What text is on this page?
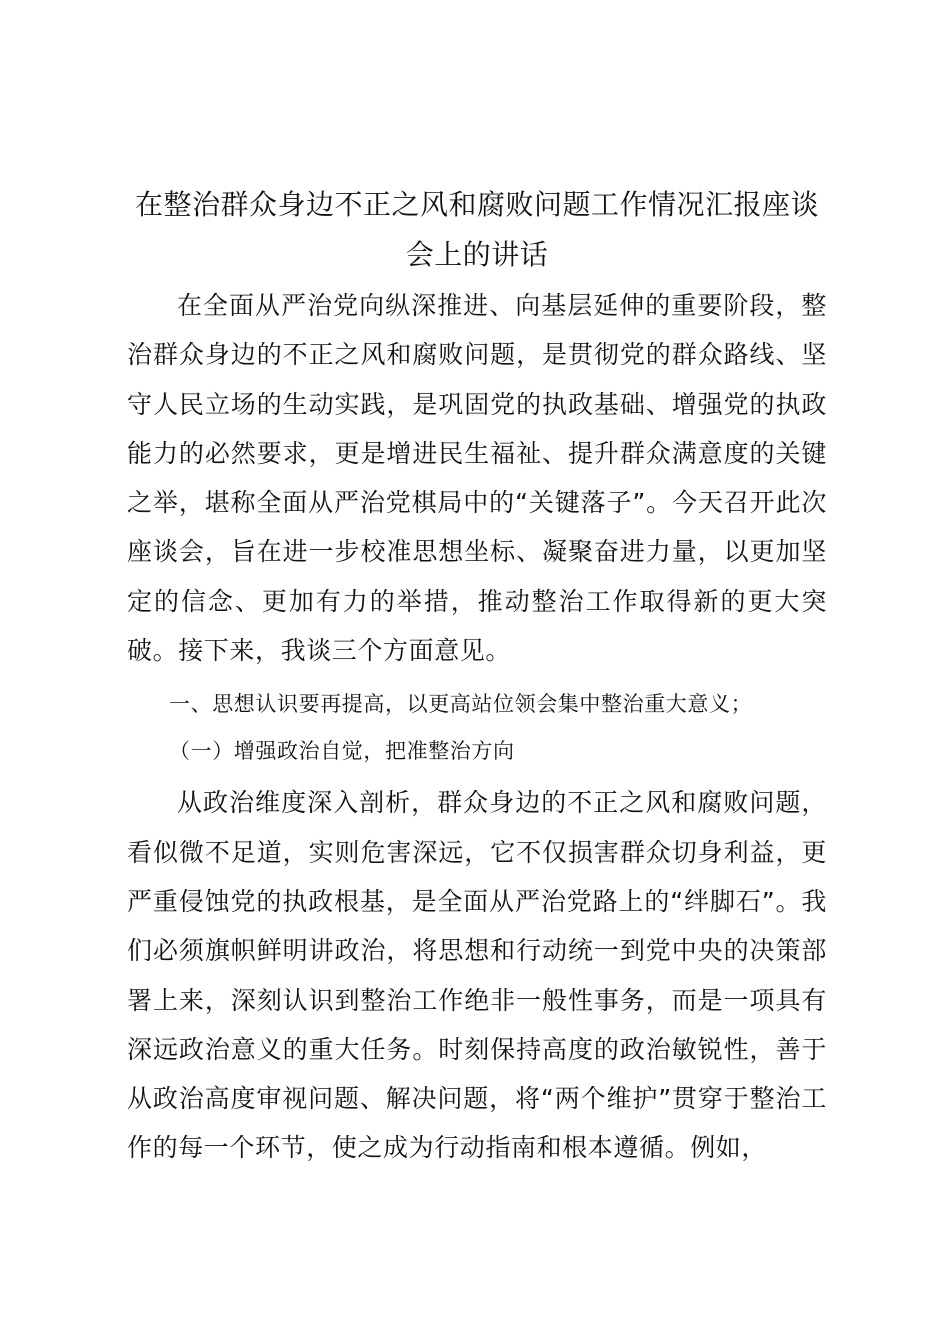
在整治群众身边不正之风和腐败问题工作情况汇报座谈会上的讲话

在全面从严治党向纵深推进、向基层延伸的重要阶段，整治群众身边的不正之风和腐败问题，是贯彻党的群众路线、坚守人民立场的生动实践，是巩固党的执政基础、增强党的执政能力的必然要求，更是增进民生福祉、提升群众满意度的关键之举，堪称全面从严治党棋局中的“关键落子”。今天召开此次座谈会，旨在进一步校准思想坐标、凝聚奋进力量，以更加坚定的信念、更加有力的举措，推动整治工作取得新的更大突破。接下来，我谈三个方面意见。

一、思想认识要再提高，以更高站位领会集中整治重大意义；

（一）增强政治自觉，把准整治方向

从政治维度深入剖析，群众身边的不正之风和腐败问题，看似微不足道，实则危害深远，它不仅损害群众切身利益，更严重侵蚀党的执政根基，是全面从严治党路上的“绊脚石”。我们必须旗帜鲜明讲政治，将思想和行动统一到党中央的决策部署上来，深刻认识到整治工作绝非一般性事务，而是一项具有深远政治意义的重大任务。时刻保持高度的政治敏锐性，善于从政治高度审视问题、解决问题，将“两个维护”贯穿于整治工作的每一个环节，使之成为行动指南和根本遵循。例如，
